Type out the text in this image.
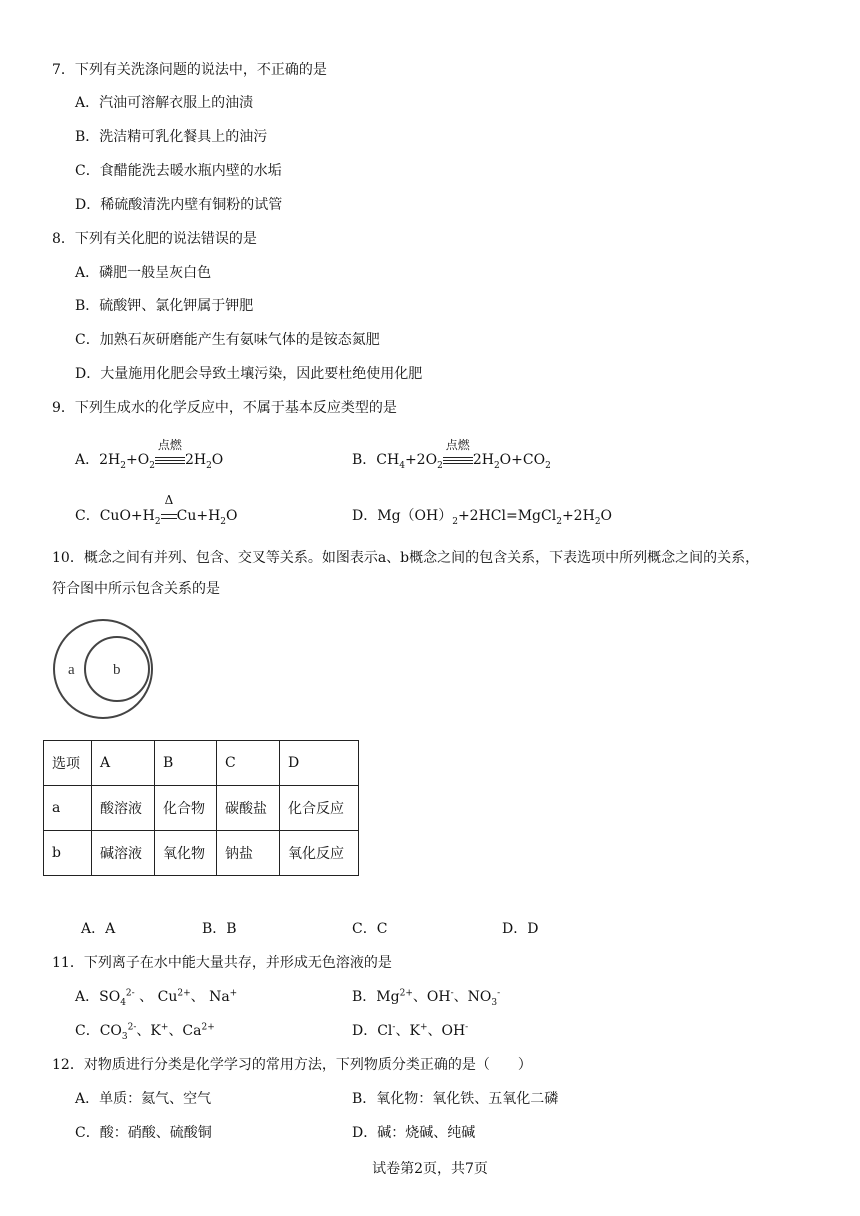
7．下列有关洗涤问题的说法中，不正确的是
A．汽油可溶解衣服上的油渍
B．洗洁精可乳化餐具上的油污
C．食醋能洗去暖水瓶内壁的水垢
D．稀硫酸清洗内壁有铜粉的试管
8．下列有关化肥的说法错误的是
A．磷肥一般呈灰白色
B．硫酸钾、氯化钾属于钾肥
C．加熟石灰研磨能产生有氨味气体的是铵态氮肥
D．大量施用化肥会导致土壤污染，因此要杜绝使用化肥
9．下列生成水的化学反应中，不属于基本反应类型的是
A．$2H_2+O_2$
点燃
$2H_2O$	B．$CH_4+2O_2$
点燃
$2H_2O+CO_2$
C．$CuO+H_2$
Δ
$Cu+H_2O$	D．$Mg(OH)_2+2HCl=MgCl_2+2H_2O$
10．概念之间有并列、包含、交叉等关系。如图表示a、b概念之间的包含关系，下表选项中所列概念之间的关系，
符合图中所示包含关系的是
a	b
选项	A	B	C	D
a	酸溶液	化合物	碳酸盐	化合反应
b	碱溶液	氧化物	钠盐	氧化反应
A．A	B．B	C．C	D．D
11．下列离子在水中能大量共存，并形成无色溶液的是
A．$SO_4^{2-}$ 、 $Cu^{2+}$、 Na+	B．$Mg^{2+}$、OH-、$NO_3^-$
C．$CO_3^{2-}$、K+、$Ca^{2+}$	D．Cl-、K+、OH-
12．对物质进行分类是化学学习的常用方法，下列物质分类正确的是（　　）
A．单质：氦气、空气	B．氧化物：氧化铁、五氧化二磷
C．酸：硝酸、硫酸铜	D．碱：烧碱、纯碱
试卷第2页，共7页
